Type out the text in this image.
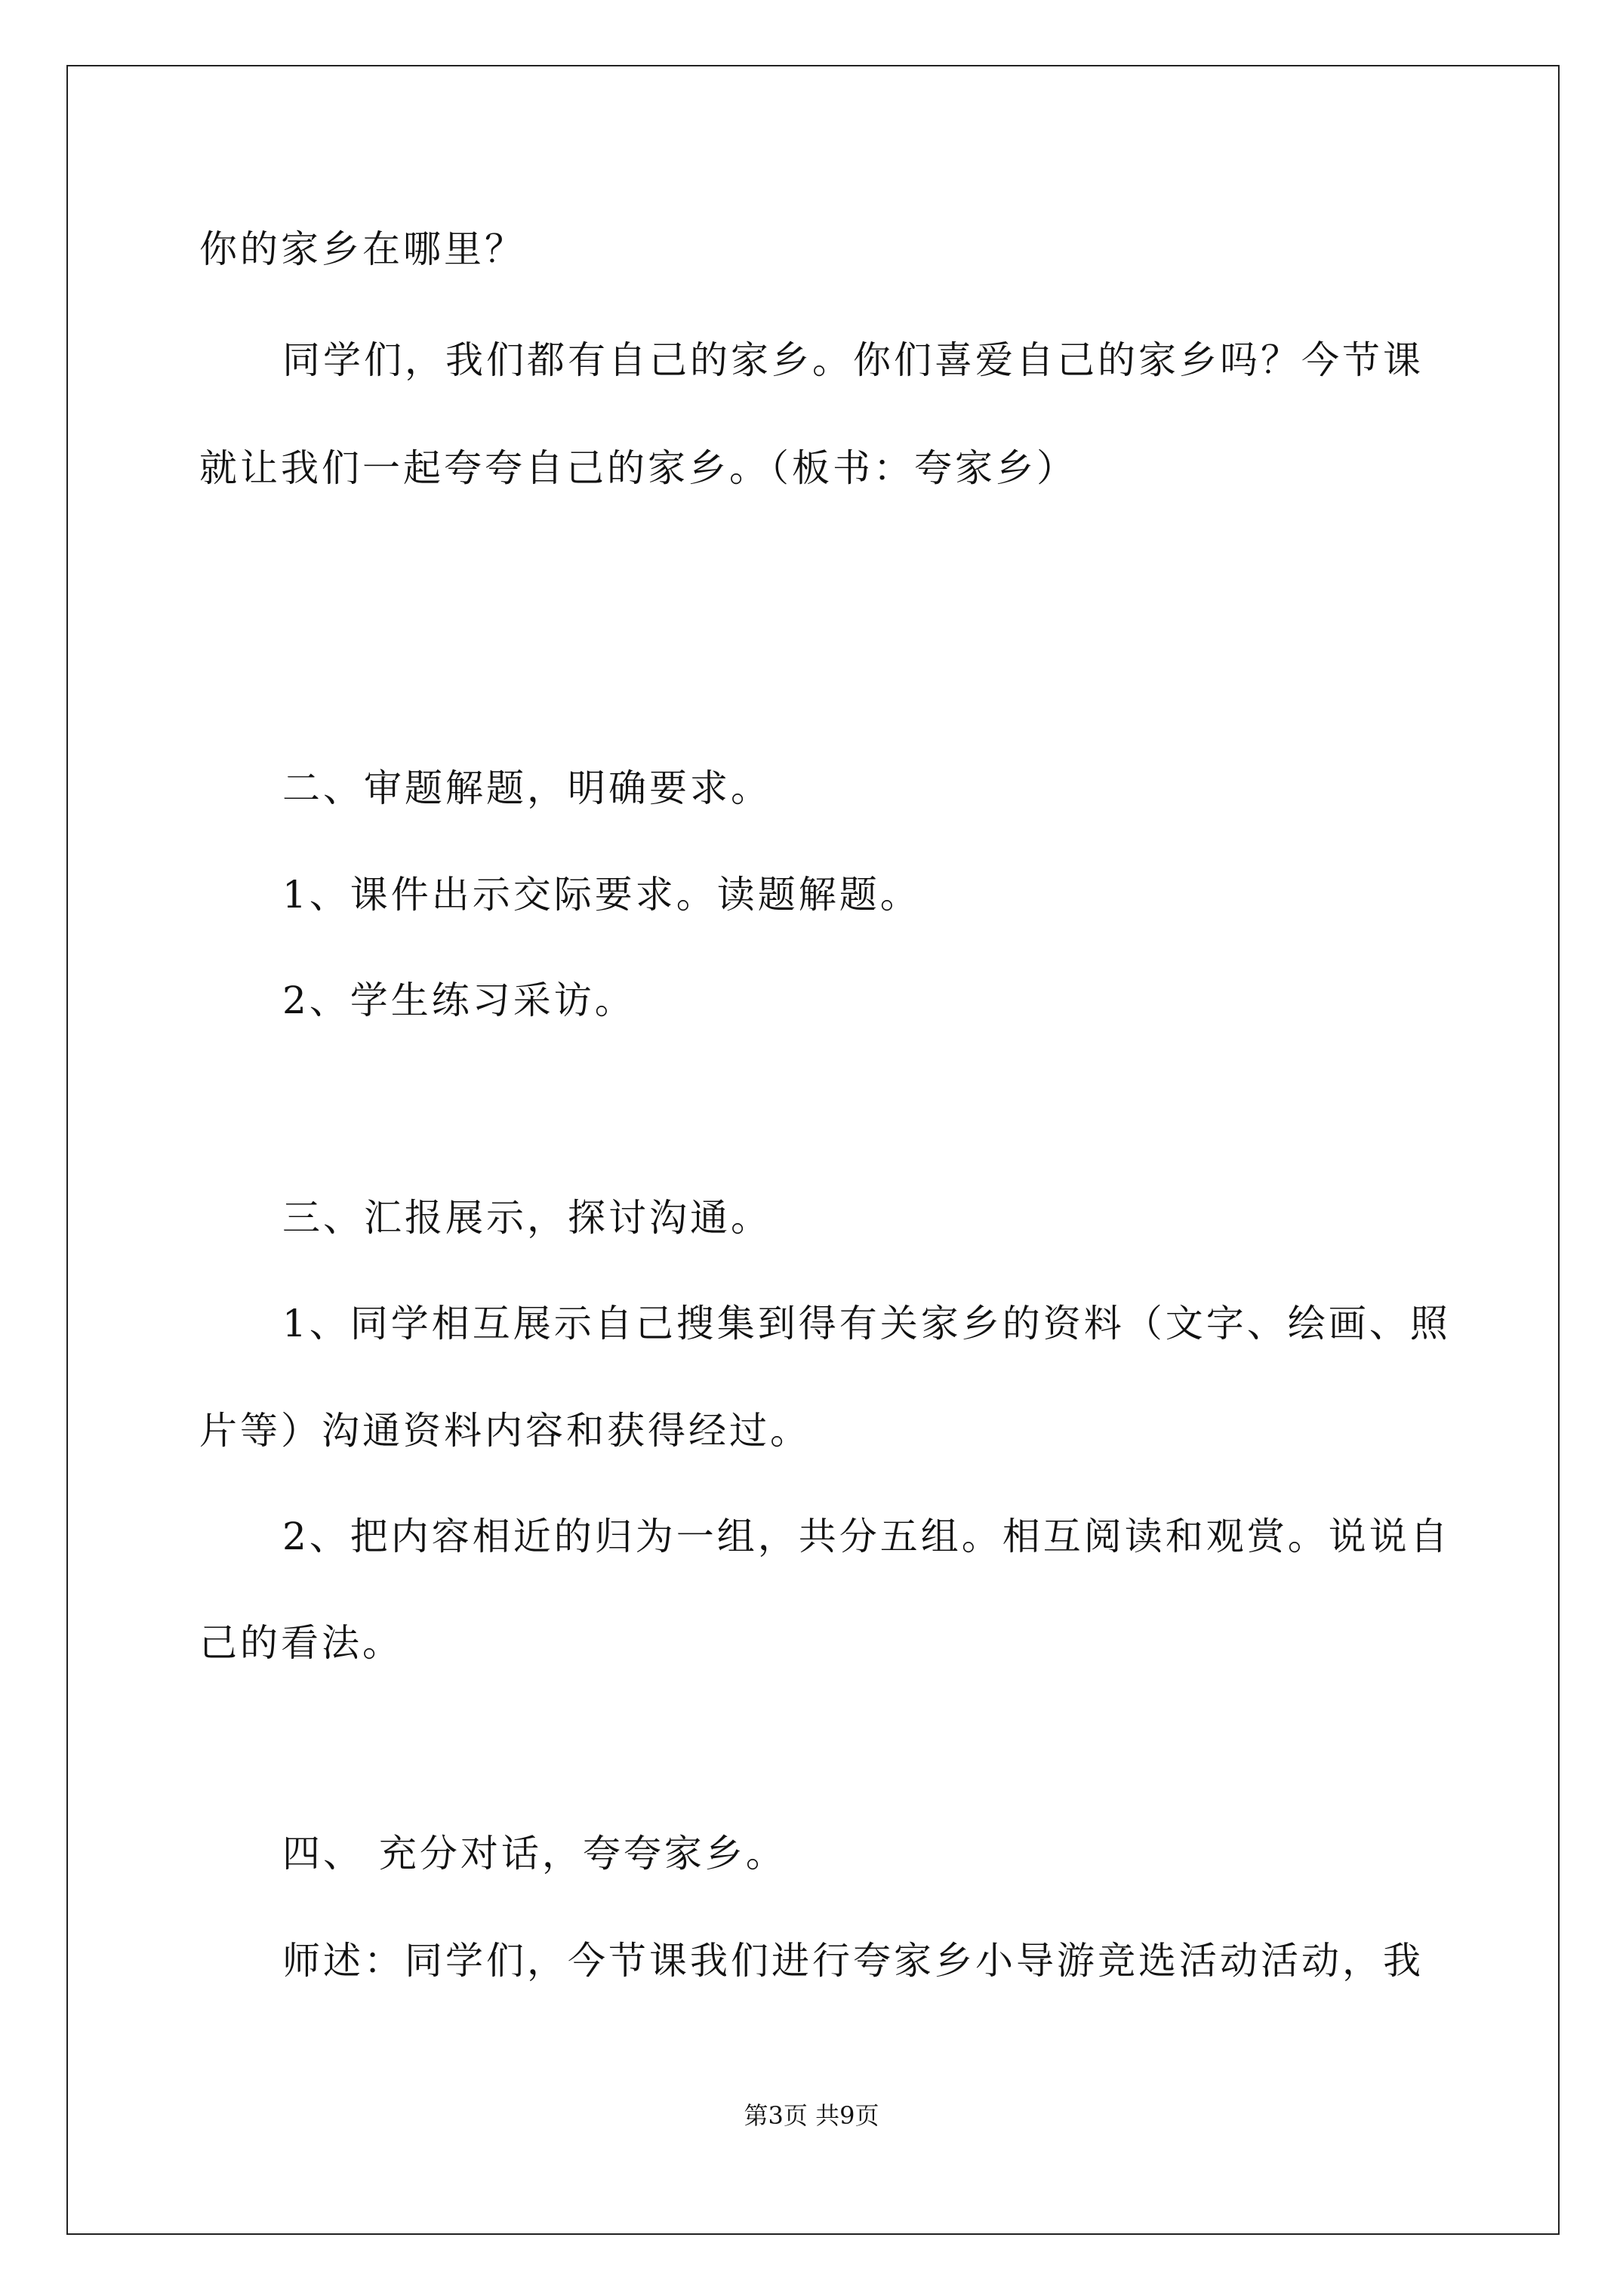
你的家乡在哪里？
同学们，我们都有自己的家乡。你们喜爱自己的家乡吗？今节课
就让我们一起夸夸自己的家乡。（板书：夸家乡）
二、审题解题，明确要求。
1、课件出示交际要求。读题解题。
2、学生练习采访。
三、汇报展示，探讨沟通。
1、同学相互展示自己搜集到得有关家乡的资料（文字、绘画、照
片等）沟通资料内容和获得经过。
2、把内容相近的归为一组，共分五组。相互阅读和观赏。说说自
己的看法。
四、 充分对话，夸夸家乡。
师述：同学们，今节课我们进行夸家乡小导游竞选活动活动，我
第3页 共9页
